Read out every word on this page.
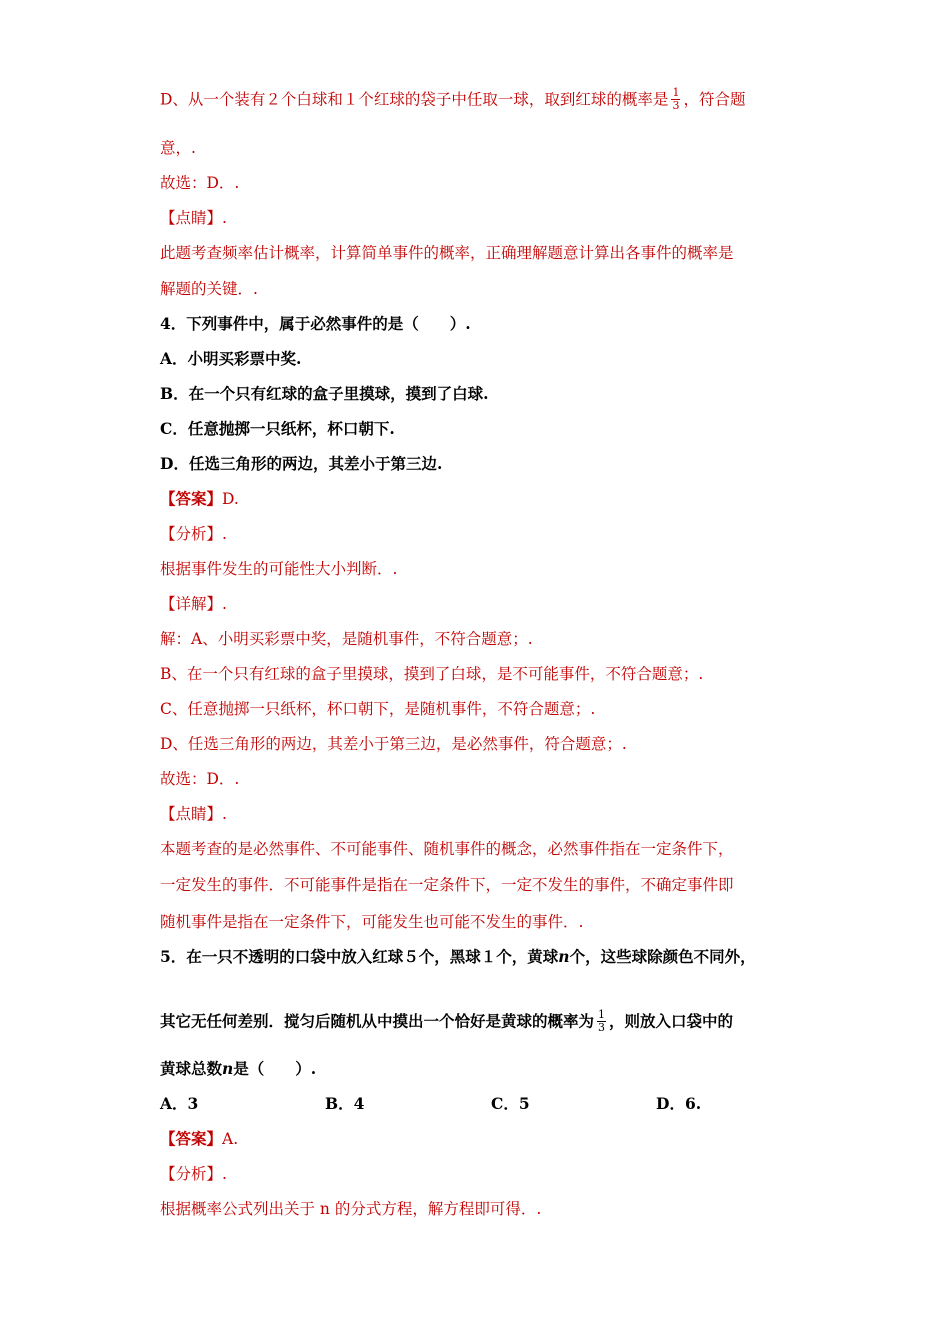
D、从一个装有２个白球和１个红球的袋子中任取一球，取到红球的概率是 $\frac{1}{3}$ ，符合题
意，.
故选：D．.
【点睛】.
此题考查频率估计概率，计算简单事件的概率，正确理解题意计算出各事件的概率是
解题的关键．.
4．下列事件中，属于必然事件的是（　　）.
A．小明买彩票中奖.
B．在一个只有红球的盒子里摸球，摸到了白球.
C．任意抛掷一只纸杯，杯口朝下.
D．任选三角形的两边，其差小于第三边.
【答案】D.
【分析】.
根据事件发生的可能性大小判断．.
【详解】.
解：A、小明买彩票中奖，是随机事件，不符合题意；.
B、在一个只有红球的盒子里摸球，摸到了白球，是不可能事件，不符合题意；.
C、任意抛掷一只纸杯，杯口朝下，是随机事件，不符合题意；.
D、任选三角形的两边，其差小于第三边，是必然事件，符合题意；.
故选：D．.
【点睛】.
本题考查的是必然事件、不可能事件、随机事件的概念，必然事件指在一定条件下，
一定发生的事件．不可能事件是指在一定条件下，一定不发生的事件，不确定事件即
随机事件是指在一定条件下，可能发生也可能不发生的事件．.
5．在一只不透明的口袋中放入红球５个，黑球１个，黄球n个，这些球除颜色不同外，
其它无任何差别．搅匀后随机从中摸出一个恰好是黄球的概率为 $\frac{1}{3}$ ，则放入口袋中的
黄球总数n是（　　）.
A．3	B．4	C．5	D．6.
【答案】A.
【分析】.
根据概率公式列出关于 n 的分式方程，解方程即可得．.
